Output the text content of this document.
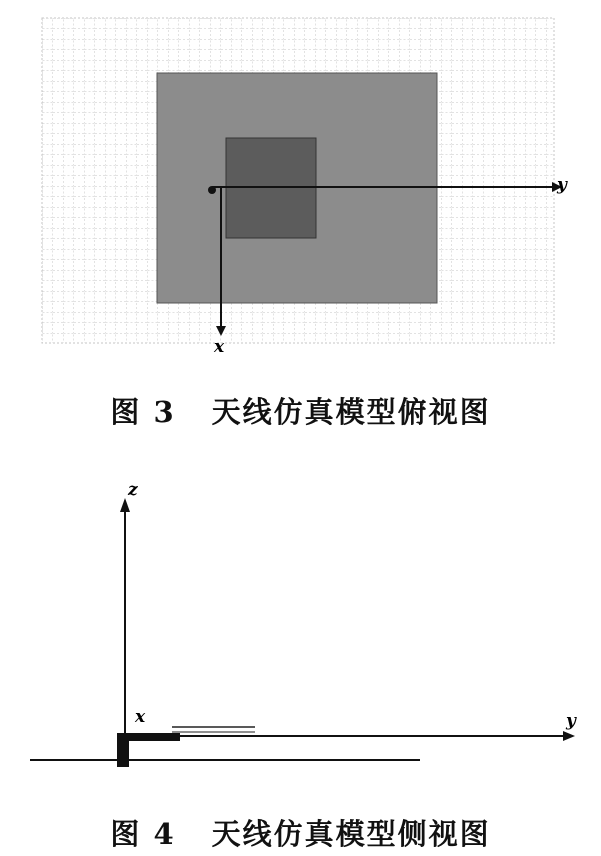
y
x
图 3 天线仿真模型俯视图
z
y
x
图 4 天线仿真模型侧视图
